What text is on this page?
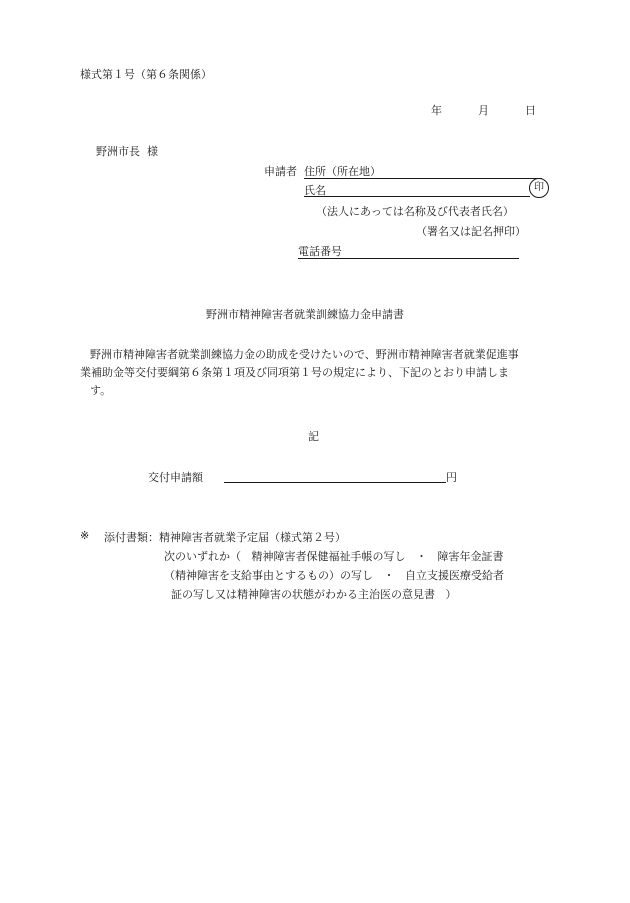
様式第１号（第６条関係）
年	月	日
野洲市長  様
申請者 住所（所在地）
氏名	印
（法人にあっては名称及び代表者氏名）
（署名又は記名押印）
電話番号
野洲市精神障害者就業訓練協力金申請書
野洲市精神障害者就業訓練協力金の助成を受けたいので、野洲市精神障害者就業促進事
業補助金等交付要綱第６条第１項及び同項第１号の規定により、下記のとおり申請しま
す。
記
交付申請額	円
※ 添付書類：精神障害者就業予定届（様式第２号）
次のいずれか（   精神障害者保健福祉手帳の写し   ・   障害年金証書
（精神障害を支給事由とするもの）の写し   ・   自立支援医療受給者
証の写し又は精神障害の状態がわかる主治医の意見書   ）
